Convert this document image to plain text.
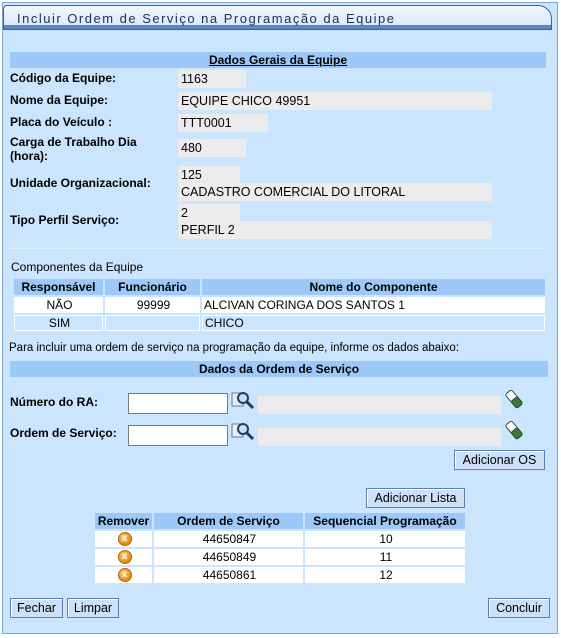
Incluir Ordem de Serviço na Programação da Equipe
Dados Gerais da Equipe
Código da Equipe:	1163
Nome da Equipe:	EQUIPE CHICO 49951
Placa do Veículo :	TTT0001
Carga de Trabalho Dia (hora):
480
Unidade Organizacional:
125
CADASTRO COMERCIAL DO LITORAL
Tipo Perfil Serviço:	2
PERFIL 2
Componentes da Equipe
Responsável	Funcionário	Nome do Componente
NÃO	99999	ALCIVAN CORINGA DOS SANTOS 1
SIM		CHICO
Para incluir uma ordem de serviço na programação da equipe, informe os dados abaixo:
Dados da Ordem de Serviço
Número do RA:
Ordem de Serviço:
Adicionar OS
Adicionar Lista
Remover	Ordem de Serviço	Sequencial Programação
x	44650847	10
x	44650849	11
x	44650861	12
Fechar	Limpar	Concluir
